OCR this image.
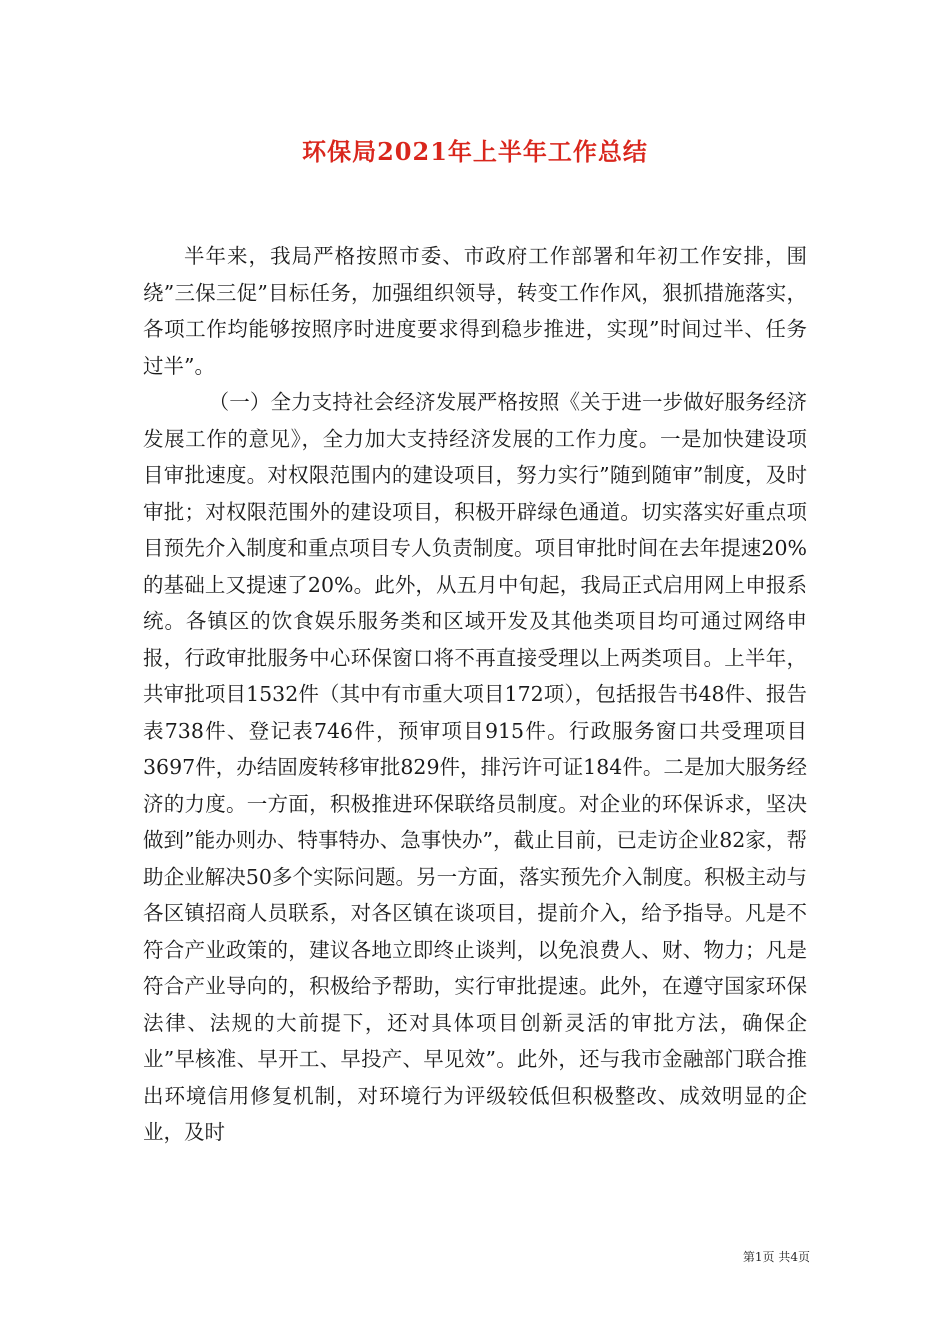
环保局2021年上半年工作总结

半年来，我局严格按照市委、市政府工作部署和年初工作安排，围绕”三保三促”目标任务，加强组织领导，转变工作作风，狠抓措施落实，各项工作均能够按照序时进度要求得到稳步推进，实现”时间过半、任务过半”。

（一）全力支持社会经济发展严格按照《关于进一步做好服务经济发展工作的意见》，全力加大支持经济发展的工作力度。一是加快建设项目审批速度。对权限范围内的建设项目，努力实行”随到随审”制度，及时审批；对权限范围外的建设项目，积极开辟绿色通道。切实落实好重点项目预先介入制度和重点项目专人负责制度。项目审批时间在去年提速20%的基础上又提速了20%。此外，从五月中旬起，我局正式启用网上申报系统。各镇区的饮食娱乐服务类和区域开发及其他类项目均可通过网络申报，行政审批服务中心环保窗口将不再直接受理以上两类项目。上半年，共审批项目1532件（其中有市重大项目172项），包括报告书48件、报告表738件、登记表746件，预审项目915件。行政服务窗口共受理项目3697件，办结固废转移审批829件，排污许可证184件。二是加大服务经济的力度。一方面，积极推进环保联络员制度。对企业的环保诉求，坚决做到”能办则办、特事特办、急事快办”，截止目前，已走访企业82家，帮助企业解决50多个实际问题。另一方面，落实预先介入制度。积极主动与各区镇招商人员联系，对各区镇在谈项目，提前介入，给予指导。凡是不符合产业政策的，建议各地立即终止谈判，以免浪费人、财、物力；凡是符合产业导向的，积极给予帮助，实行审批提速。此外，在遵守国家环保法律、法规的大前提下，还对具体项目创新灵活的审批方法，确保企业”早核准、早开工、早投产、早见效”。此外，还与我市金融部门联合推出环境信用修复机制，对环境行为评级较低但积极整改、成效明显的企业，及时

第1页 共4页
